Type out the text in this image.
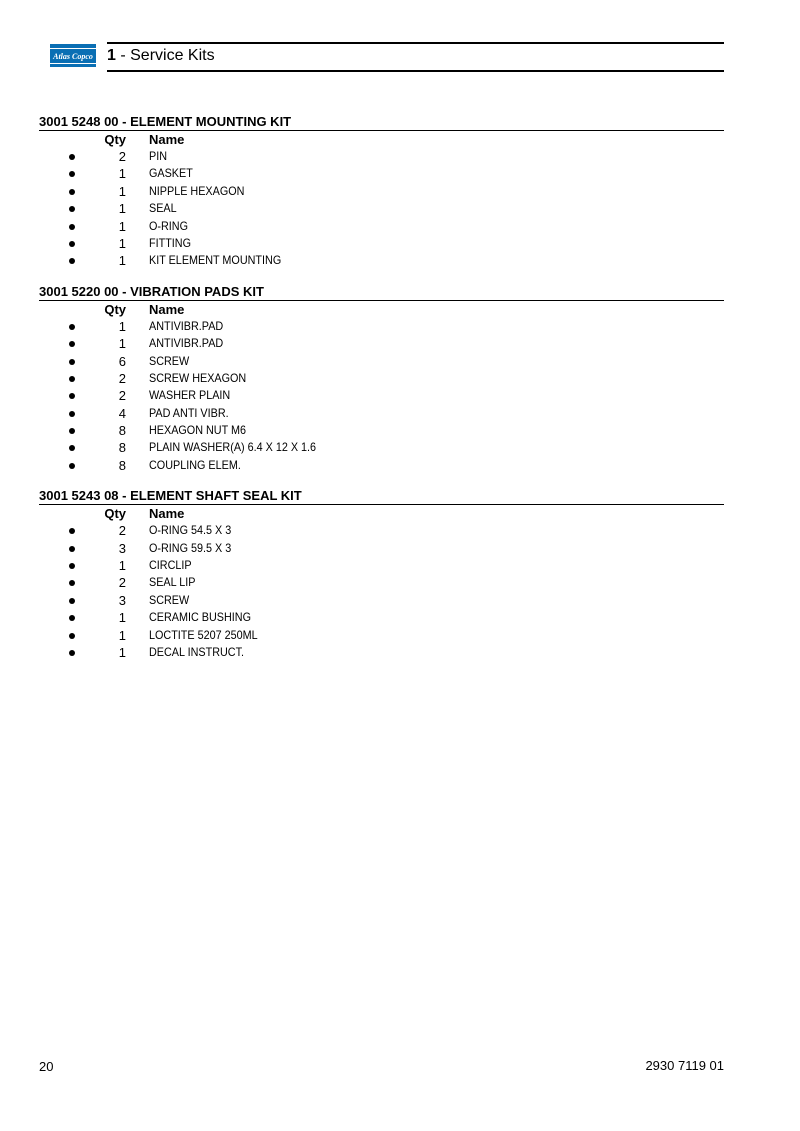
Atlas Copco 1 - Service Kits
3001 5248 00 - ELEMENT MOUNTING KIT
Qty Name
2 PIN
1 GASKET
1 NIPPLE HEXAGON
1 SEAL
1 O-RING
1 FITTING
1 KIT ELEMENT MOUNTING
3001 5220 00 - VIBRATION PADS KIT
Qty Name
1 ANTIVIBR.PAD
1 ANTIVIBR.PAD
6 SCREW
2 SCREW HEXAGON
2 WASHER PLAIN
4 PAD ANTI VIBR.
8 HEXAGON NUT M6
8 PLAIN WASHER(A) 6.4 X 12 X 1.6
8 COUPLING ELEM.
3001 5243 08 - ELEMENT SHAFT SEAL KIT
Qty Name
2 O-RING 54.5 X 3
3 O-RING 59.5 X 3
1 CIRCLIP
2 SEAL LIP
3 SCREW
1 CERAMIC BUSHING
1 LOCTITE 5207 250ML
1 DECAL INSTRUCT.
20	2930 7119 01
